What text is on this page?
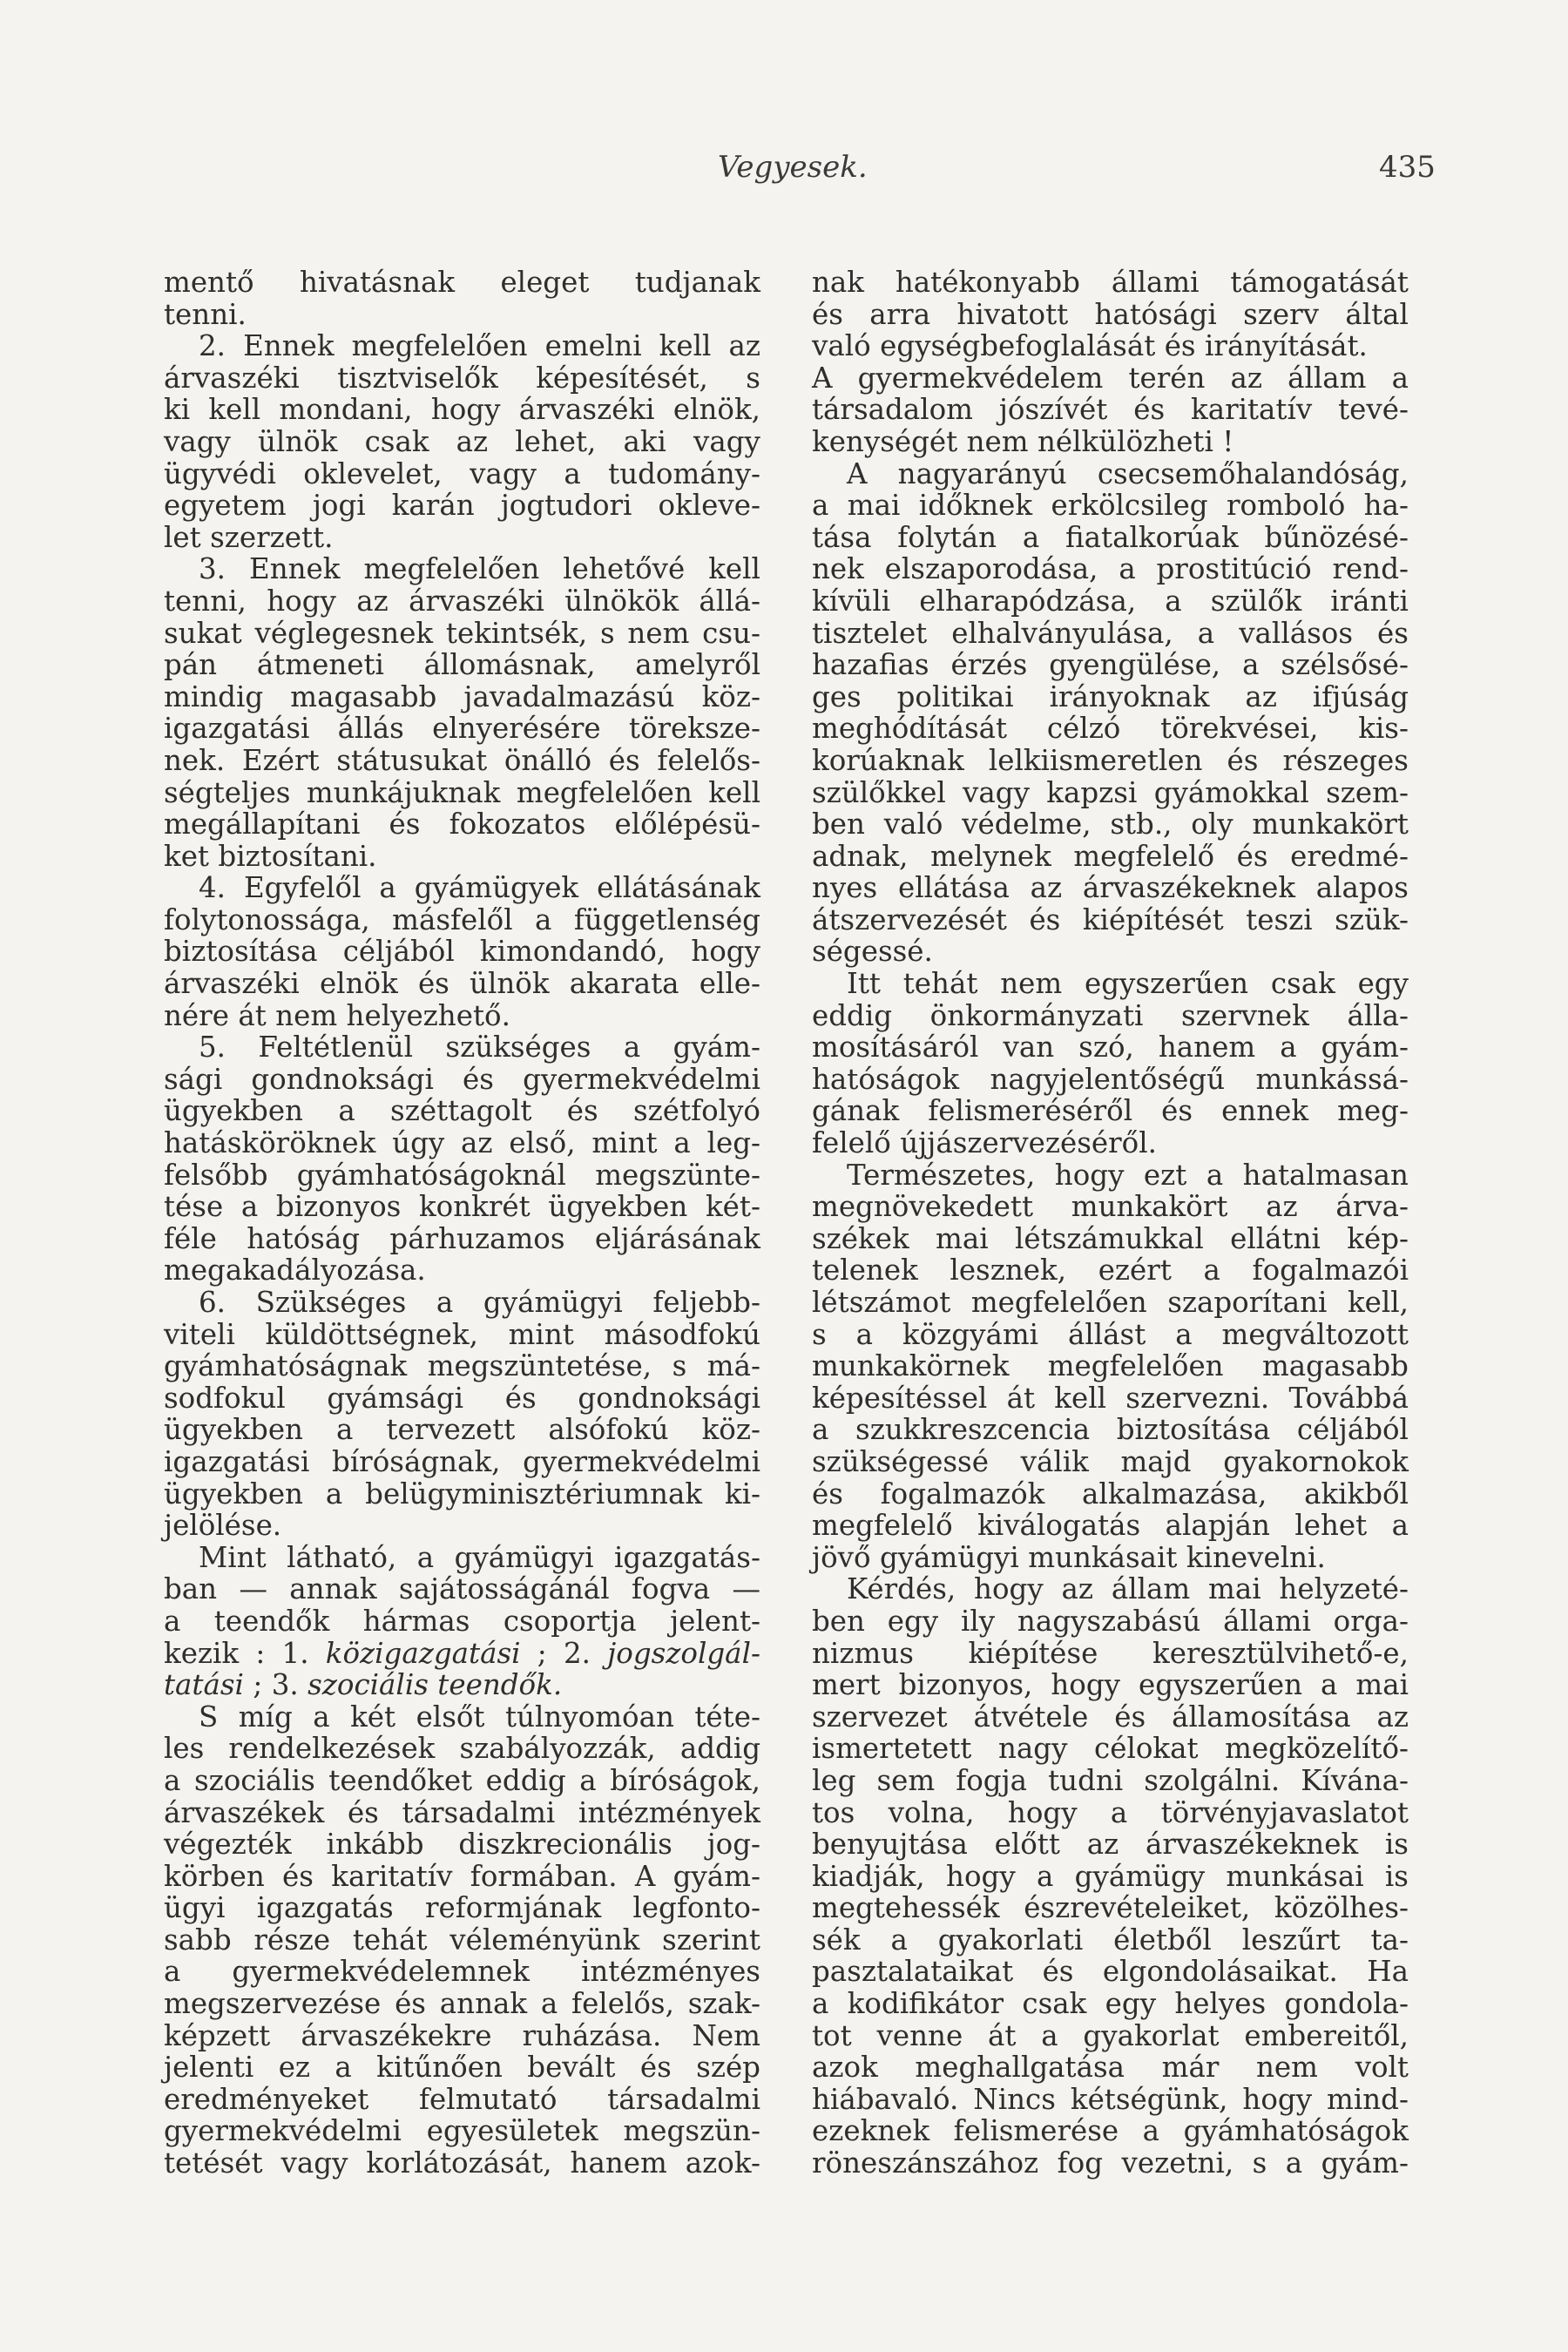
Vegyesek.	435
mentő hivatásnak eleget tudjanak
tenni.
2. Ennek megfelelően emelni kell az
árvaszéki tisztviselők képesítését, s
ki kell mondani, hogy árvaszéki elnök,
vagy ülnök csak az lehet, aki vagy
ügyvédi oklevelet, vagy a tudomány-
egyetem jogi karán jogtudori okleve-
let szerzett.
3. Ennek megfelelően lehetővé kell
tenni, hogy az árvaszéki ülnökök állá-
sukat véglegesnek tekintsék, s nem csu-
pán átmeneti állomásnak, amelyről
mindig magasabb javadalmazású köz-
igazgatási állás elnyerésére törekszе-
nek. Ezért státusukat önálló és felelős-
ségteljes munkájuknak megfelelően kell
megállapítani és fokozatos előlépésü-
ket biztosítani.
4. Egyfelől a gyámügyek ellátásának
folytonossága, másfelől a függetlenség
biztosítása céljából kimondandó, hogy
árvaszéki elnök és ülnök akarata elle-
nére át nem helyezhető.
5. Feltétlenül szükséges a gyám-
sági gondnoksági és gyermekvédelmi
ügyekben a széttagolt és szétfolyó
hatásköröknek úgy az első, mint a leg-
felsőbb gyámhatóságoknál megszünte-
tése a bizonyos konkrét ügyekben két-
féle hatóság párhuzamos eljárásának
megakadályozása.
6. Szükséges a gyámügyi feljebb-
viteli küldöttségnek, mint másodfokú
gyámhatóságnak megszüntetése, s má-
sodfokul gyámsági és gondnoksági
ügyekben a tervezett alsófokú köz-
igazgatási bíróságnak, gyermekvédelmi
ügyekben a belügyminisztériumnak ki-
jelölése.
Mint látható, a gyámügyi igazgatás-
ban — annak sajátosságánál fogva —
a teendők hármas csoportja jelent-
kezik : 1. közigazgatási ; 2. jogszolgál-
tatási ; 3. szociális teendők.
S míg a két elsőt túlnyomóan téte-
les rendelkezések szabályozzák, addig
a szociális teendőket eddig a bíróságok,
árvaszékek és társadalmi intézmények
végezték inkább diszkrecionális jog-
körben és karitatív formában. A gyám-
ügyi igazgatás reformjának legfonto-
sabb része tehát véleményünk szerint
a gyermekvédelemnek intézményes
megszervezése és annak a felelős, szak-
képzett árvaszékekre ruházása. Nem
jelenti ez a kitűnően bevált és szép
eredményeket felmutató társadalmi
gyermekvédelmi egyesületek megszün-
tetését vagy korlátozását, hanem azok-
nak hatékonyabb állami támogatását
és arra hivatott hatósági szerv által
való egységbefoglalását és irányítását.
A gyermekvédelem terén az állam a
társadalom jószívét és karitatív tevé-
kenységét nem nélkülözheti !
A nagyarányú csecsemőhalandóság,
a mai időknek erkölcsileg romboló ha-
tása folytán a fiatalkorúak bűnözésé-
nek elszaporodása, a prostitúció rend-
kívüli elharapódzása, a szülők iránti
tisztelet elhalványulása, a vallásos és
hazafias érzés gyengülése, a szélsősé-
ges politikai irányoknak az ifjúság
meghódítását célzó törekvései, kis-
korúaknak lelkiismeretlen és részeges
szülőkkel vagy kapzsi gyámokkal szem-
ben való védelme, stb., oly munkakört
adnak, melynek megfelelő és eredmé-
nyes ellátása az árvaszékeknek alapos
átszervezését és kiépítését teszi szük-
ségessé.
Itt tehát nem egyszerűen csak egy
eddig önkormányzati szervnek álla-
mosításáról van szó, hanem a gyám-
hatóságok nagyjelentőségű munkássá-
gának felismeréséről és ennek meg-
felelő újjászervezéséről.
Természetes, hogy ezt a hatalmasan
megnövekedett munkakört az árva-
székek mai létszámukkal ellátni kép-
telenek lesznek, ezért a fogalmazói
létszámot megfelelően szaporítani kell,
s a közgyámi állást a megváltozott
munkakörnek megfelelően magasabb
képesítéssel át kell szervezni. Továbbá
a szukkreszcencia biztosítása céljából
szükségessé válik majd gyakornokok
és fogalmazók alkalmazása, akikből
megfelelő kiválogatás alapján lehet a
jövő gyámügyi munkásait kinevelni.
Kérdés, hogy az állam mai helyzeté-
ben egy ily nagyszabású állami orga-
nizmus kiépítése keresztülvihető-e,
mert bizonyos, hogy egyszerűen a mai
szervezet átvétele és államosítása az
ismertetett nagy célokat megközelítő-
leg sem fogja tudni szolgálni. Kívána-
tos volna, hogy a törvényjavaslatot
benyujtása előtt az árvaszékeknek is
kiadják, hogy a gyámügy munkásai is
megtehessék észrevételeiket, közölhes-
sék a gyakorlati életből leszűrt ta-
pasztalataikat és elgondolásaikat. Ha
a kodifikátor csak egy helyes gondola-
tot venne át a gyakorlat embereitől,
azok meghallgatása már nem volt
hiábavaló. Nincs kétségünk, hogy mind-
ezeknek felismerése a gyámhatóságok
röneszánszához fog vezetni, s a gyám-
